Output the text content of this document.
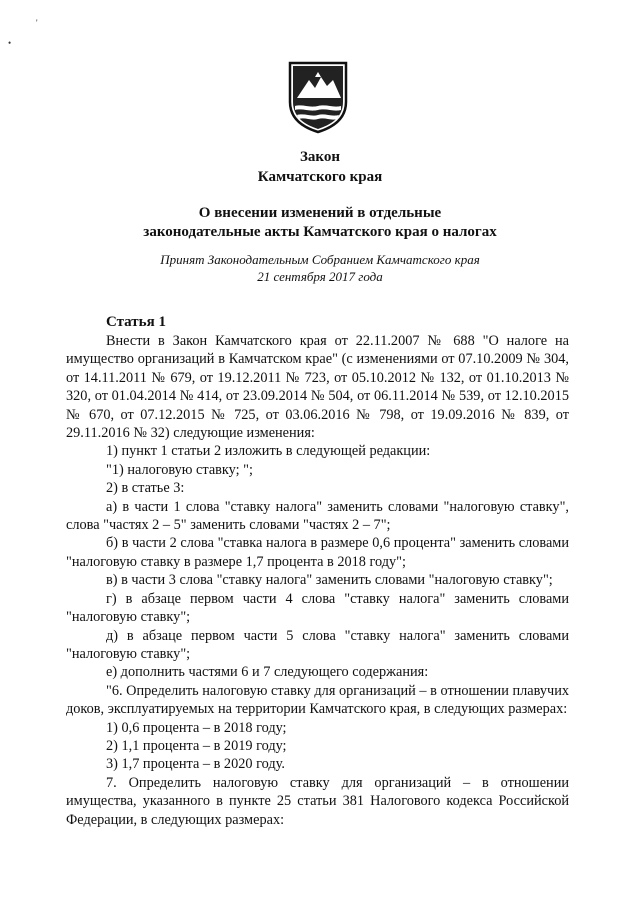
'
•
Закон
Камчатского края
О внесении изменений в отдельные
законодательные акты Камчатского края о налогах
Принят Законодательным Собранием Камчатского края
21 сентября 2017 года
Статья 1

Внести в Закон Камчатского края от 22.11.2007 № 688 "О налоге на имущество организаций в Камчатском крае" (с изменениями от 07.10.2009 № 304, от 14.11.2011 № 679, от 19.12.2011 № 723, от 05.10.2012 № 132, от 01.10.2013 № 320, от 01.04.2014 № 414, от 23.09.2014 № 504, от 06.11.2014 № 539, от 12.10.2015 № 670, от 07.12.2015 № 725, от 03.06.2016 № 798, от 19.09.2016 № 839, от 29.11.2016 № 32) следующие изменения:

1) пункт 1 статьи 2 изложить в следующей редакции:

"1) налоговую ставку; ";

2) в статье 3:

а) в части 1 слова "ставку налога" заменить словами "налоговую ставку", слова "частях 2 – 5" заменить словами "частях 2 – 7";

б) в части 2 слова "ставка налога в размере 0,6 процента" заменить словами "налоговую ставку в размере 1,7 процента в 2018 году";

в) в части 3 слова "ставку налога" заменить словами "налоговую ставку";

г) в абзаце первом части 4 слова "ставку налога" заменить словами "налоговую ставку";

д) в абзаце первом части 5 слова "ставку налога" заменить словами "налоговую ставку";

е) дополнить частями 6 и 7 следующего содержания:

"6. Определить налоговую ставку для организаций – в отношении плавучих доков, эксплуатируемых на территории Камчатского края, в следующих размерах:

1) 0,6 процента – в 2018 году;

2) 1,1 процента – в 2019 году;

3) 1,7 процента – в 2020 году.

7. Определить налоговую ставку для организаций – в отношении имущества, указанного в пункте 25 статьи 381 Налогового кодекса Российской Федерации, в следующих размерах:
